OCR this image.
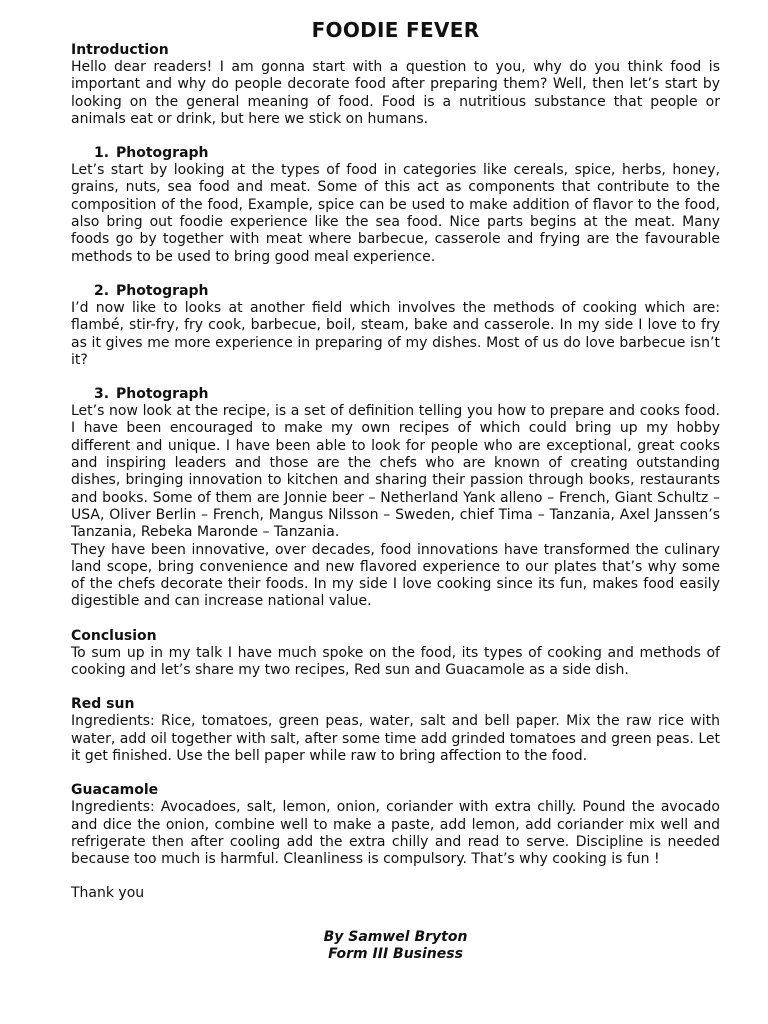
FOODIE FEVER
Introduction

Hello dear readers! I am gonna start with a question to you, why do you think food is important and why do people decorate food after preparing them? Well, then let’s start by looking on the general meaning of food. Food is a nutritious substance that people or animals eat or drink, but here we stick on humans.

1. Photograph

Let’s start by looking at the types of food in categories like cereals, spice, herbs, honey, grains, nuts, sea food and meat. Some of this act as components that contribute to the composition of the food, Example, spice can be used to make addition of flavor to the food, also bring out foodie experience like the sea food. Nice parts begins at the meat. Many foods go by together with meat where barbecue, casserole and frying are the favourable methods to be used to bring good meal experience.

2. Photograph

I’d now like to looks at another field which involves the methods of cooking which are: flambé, stir-fry, fry cook, barbecue, boil, steam, bake and casserole. In my side I love to fry as it gives me more experience in preparing of my dishes. Most of us do love barbecue isn’t it?

3. Photograph

Let’s now look at the recipe, is a set of definition telling you how to prepare and cooks food. I have been encouraged to make my own recipes of which could bring up my hobby different and unique. I have been able to look for people who are exceptional, great cooks and inspiring leaders and those are the chefs who are known of creating outstanding dishes, bringing innovation to kitchen and sharing their passion through books, restaurants and books. Some of them are Jonnie beer – Netherland Yank alleno – French, Giant Schultz – USA, Oliver Berlin – French, Mangus Nilsson – Sweden, chief Tima – Tanzania, Axel Janssen’s Tanzania, Rebeka Maronde – Tanzania.

They have been innovative, over decades, food innovations have transformed the culinary land scope, bring convenience and new flavored experience to our plates that’s why some of the chefs decorate their foods. In my side I love cooking since its fun, makes food easily digestible and can increase national value.

Conclusion

To sum up in my talk I have much spoke on the food, its types of cooking and methods of cooking and let’s share my two recipes, Red sun and Guacamole as a side dish.

Red sun

Ingredients: Rice, tomatoes, green peas, water, salt and bell paper. Mix the raw rice with water, add oil together with salt, after some time add grinded tomatoes and green peas. Let it get finished. Use the bell paper while raw to bring affection to the food.

Guacamole

Ingredients: Avocadoes, salt, lemon, onion, coriander with extra chilly. Pound the avocado and dice the onion, combine well to make a paste, add lemon, add coriander mix well and refrigerate then after cooling add the extra chilly and read to serve. Discipline is needed because too much is harmful. Cleanliness is compulsory. That’s why cooking is fun !

Thank you

By Samwel Bryton
Form III Business
